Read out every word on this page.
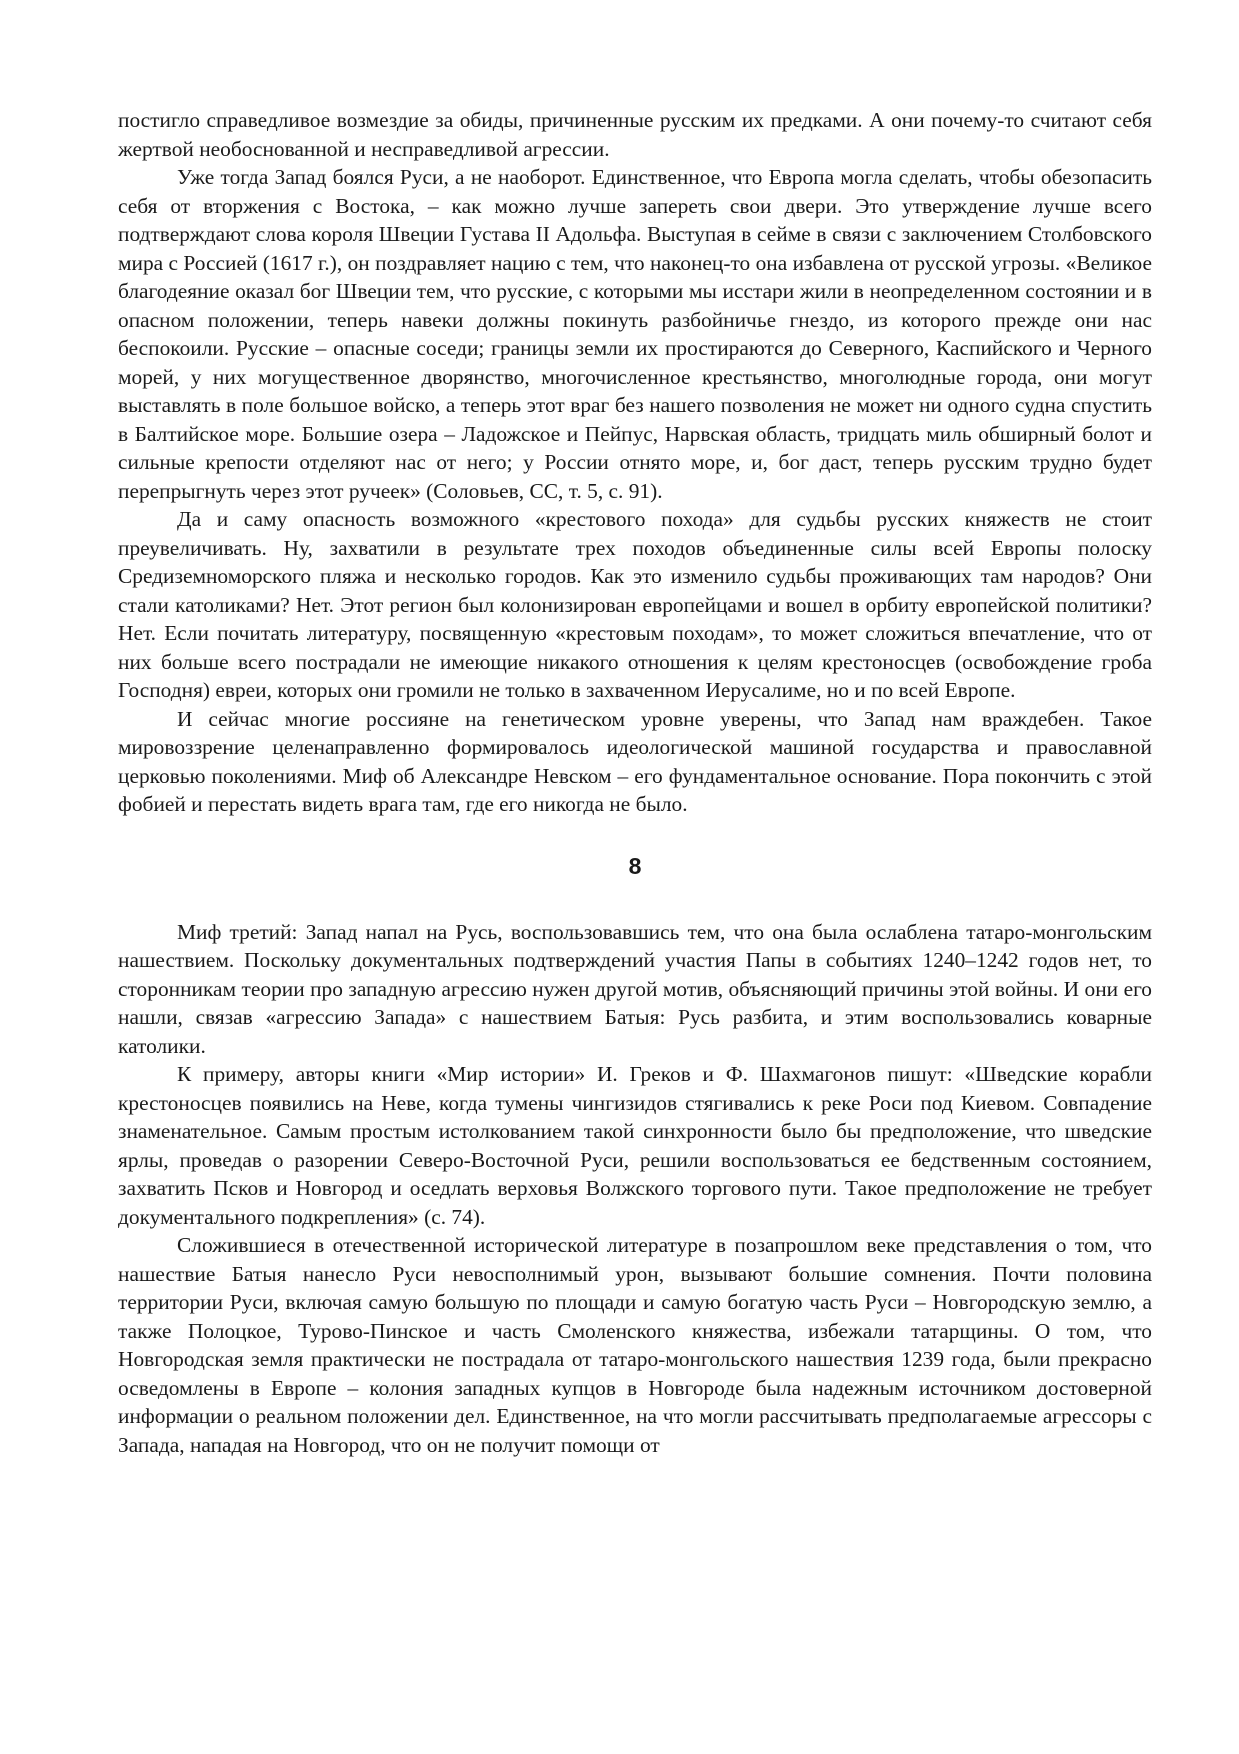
постигло справедливое возмездие за обиды, причиненные русским их предками. А они почему-то считают себя жертвой необоснованной и несправедливой агрессии.

Уже тогда Запад боялся Руси, а не наоборот. Единственное, что Европа могла сделать, чтобы обезопасить себя от вторжения с Востока, – как можно лучше запереть свои двери. Это утверждение лучше всего подтверждают слова короля Швеции Густава II Адольфа. Выступая в сейме в связи с заключением Столбовского мира с Россией (1617 г.), он поздравляет нацию с тем, что наконец-то она избавлена от русской угрозы. «Великое благодеяние оказал бог Швеции тем, что русские, с которыми мы исстари жили в неопределенном состоянии и в опасном положении, теперь навеки должны покинуть разбойничье гнездо, из которого прежде они нас беспокоили. Русские – опасные соседи; границы земли их простираются до Северного, Каспийского и Черного морей, у них могущественное дворянство, многочисленное крестьянство, многолюдные города, они могут выставлять в поле большое войско, а теперь этот враг без нашего позволения не может ни одного судна спустить в Балтийское море. Большие озера – Ладожское и Пейпус, Нарвская область, тридцать миль обширный болот и сильные крепости отделяют нас от него; у России отнято море, и, бог даст, теперь русским трудно будет перепрыгнуть через этот ручеек» (Соловьев, СС, т. 5, с. 91).

Да и саму опасность возможного «крестового похода» для судьбы русских княжеств не стоит преувеличивать. Ну, захватили в результате трех походов объединенные силы всей Европы полоску Средиземноморского пляжа и несколько городов. Как это изменило судьбы проживающих там народов? Они стали католиками? Нет. Этот регион был колонизирован европейцами и вошел в орбиту европейской политики? Нет. Если почитать литературу, посвященную «крестовым походам», то может сложиться впечатление, что от них больше всего пострадали не имеющие никакого отношения к целям крестоносцев (освобождение гроба Господня) евреи, которых они громили не только в захваченном Иерусалиме, но и по всей Европе.

И сейчас многие россияне на генетическом уровне уверены, что Запад нам враждебен. Такое мировоззрение целенаправленно формировалось идеологической машиной государства и православной церковью поколениями. Миф об Александре Невском – его фундаментальное основание. Пора покончить с этой фобией и перестать видеть врага там, где его никогда не было.

8

Миф третий: Запад напал на Русь, воспользовавшись тем, что она была ослаблена татаро-монгольским нашествием. Поскольку документальных подтверждений участия Папы в событиях 1240–1242 годов нет, то сторонникам теории про западную агрессию нужен другой мотив, объясняющий причины этой войны. И они его нашли, связав «агрессию Запада» с нашествием Батыя: Русь разбита, и этим воспользовались коварные католики.

К примеру, авторы книги «Мир истории» И. Греков и Ф. Шахмагонов пишут: «Шведские корабли крестоносцев появились на Неве, когда тумены чингизидов стягивались к реке Роси под Киевом. Совпадение знаменательное. Самым простым истолкованием такой синхронности было бы предположение, что шведские ярлы, проведав о разорении Северо-Восточной Руси, решили воспользоваться ее бедственным состоянием, захватить Псков и Новгород и оседлать верховья Волжского торгового пути. Такое предположение не требует документального подкрепления» (с. 74).

Сложившиеся в отечественной исторической литературе в позапрошлом веке представления о том, что нашествие Батыя нанесло Руси невосполнимый урон, вызывают большие сомнения. Почти половина территории Руси, включая самую большую по площади и самую богатую часть Руси – Новгородскую землю, а также Полоцкое, Турово-Пинское и часть Смоленского княжества, избежали татарщины. О том, что Новгородская земля практически не пострадала от татаро-монгольского нашествия 1239 года, были прекрасно осведомлены в Европе – колония западных купцов в Новгороде была надежным источником достоверной информации о реальном положении дел. Единственное, на что могли рассчитывать предполагаемые агрессоры с Запада, нападая на Новгород, что он не получит помощи от
